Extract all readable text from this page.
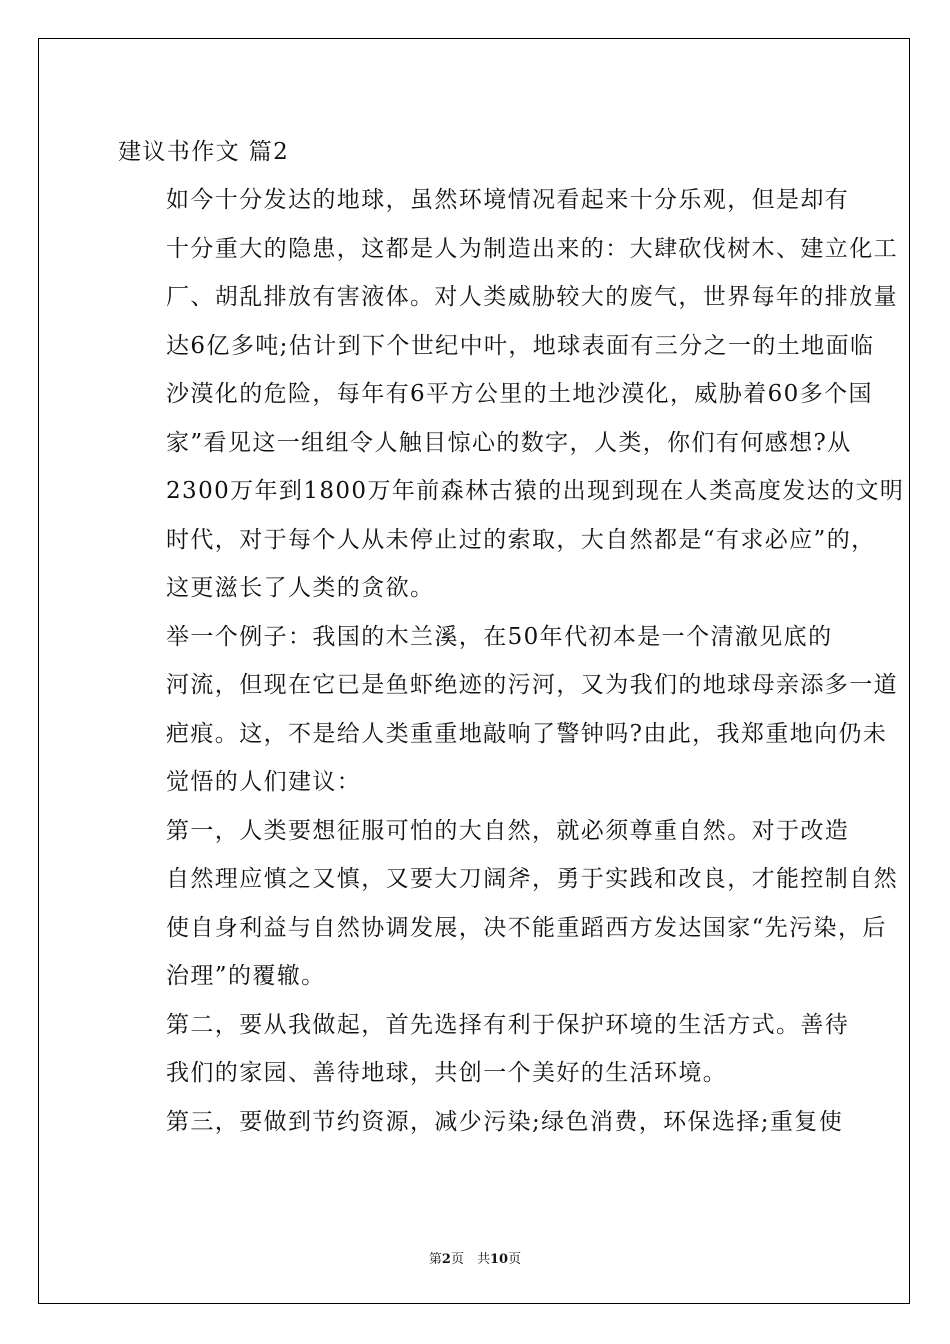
建议书作文 篇2

如今十分发达的地球，虽然环境情况看起来十分乐观，但是却有
十分重大的隐患，这都是人为制造出来的：大肆砍伐树木、建立化工
厂、胡乱排放有害液体。对人类威胁较大的废气，世界每年的排放量
达6亿多吨;估计到下个世纪中叶，地球表面有三分之一的土地面临
沙漠化的危险，每年有6平方公里的土地沙漠化，威胁着60多个国
家”看见这一组组令人触目惊心的数字，人类，你们有何感想?从
2300万年到1800万年前森林古猿的出现到现在人类高度发达的文明
时代，对于每个人从未停止过的索取，大自然都是“有求必应”的，
这更滋长了人类的贪欲。

举一个例子：我国的木兰溪，在50年代初本是一个清澈见底的
河流，但现在它已是鱼虾绝迹的污河，又为我们的地球母亲添多一道
疤痕。这，不是给人类重重地敲响了警钟吗?由此，我郑重地向仍未
觉悟的人们建议：

第一，人类要想征服可怕的大自然，就必须尊重自然。对于改造
自然理应慎之又慎，又要大刀阔斧，勇于实践和改良，才能控制自然
使自身利益与自然协调发展，决不能重蹈西方发达国家“先污染，后
治理”的覆辙。

第二，要从我做起，首先选择有利于保护环境的生活方式。善待
我们的家园、善待地球，共创一个美好的生活环境。

第三，要做到节约资源，减少污染;绿色消费，环保选择;重复使

第2页　共10页
